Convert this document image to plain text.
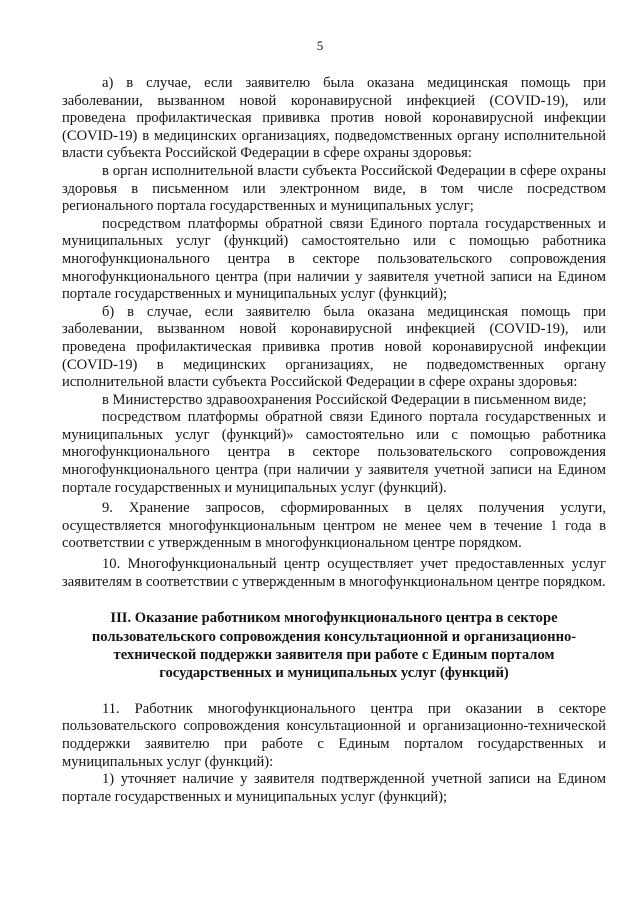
5

а) в случае, если заявителю была оказана медицинская помощь при заболевании, вызванном новой коронавирусной инфекцией (COVID-19), или проведена профилактическая прививка против новой коронавирусной инфекции (COVID-19) в медицинских организациях, подведомственных органу исполнительной власти субъекта Российской Федерации в сфере охраны здоровья:

в орган исполнительной власти субъекта Российской Федерации в сфере охраны здоровья в письменном или электронном виде, в том числе посредством регионального портала государственных и муниципальных услуг;

посредством платформы обратной связи Единого портала государственных и муниципальных услуг (функций) самостоятельно или с помощью работника многофункционального центра в секторе пользовательского сопровождения многофункционального центра (при наличии у заявителя учетной записи на Едином портале государственных и муниципальных услуг (функций);

б) в случае, если заявителю была оказана медицинская помощь при заболевании, вызванном новой коронавирусной инфекцией (COVID-19), или проведена профилактическая прививка против новой коронавирусной инфекции (COVID-19) в медицинских организациях, не подведомственных органу исполнительной власти субъекта Российской Федерации в сфере охраны здоровья:

в Министерство здравоохранения Российской Федерации в письменном виде;

посредством платформы обратной связи Единого портала государственных и муниципальных услуг (функций)» самостоятельно или с помощью работника многофункционального центра в секторе пользовательского сопровождения многофункционального центра (при наличии у заявителя учетной записи на Едином портале государственных и муниципальных услуг (функций).

9. Хранение запросов, сформированных в целях получения услуги, осуществляется многофункциональным центром не менее чем в течение 1 года в соответствии с утвержденным в многофункциональном центре порядком.

10. Многофункциональный центр осуществляет учет предоставленных услуг заявителям в соответствии с утвержденным в многофункциональном центре порядком.

III. Оказание работником многофункционального центра в секторе
пользовательского сопровождения консультационной и организационно-
технической поддержки заявителя при работе с Единым порталом
государственных и муниципальных услуг (функций)

11. Работник многофункционального центра при оказании в секторе пользовательского сопровождения консультационной и организационно-технической поддержки заявителю при работе с Единым порталом государственных и муниципальных услуг (функций):

1) уточняет наличие у заявителя подтвержденной учетной записи на Едином портале государственных и муниципальных услуг (функций);
